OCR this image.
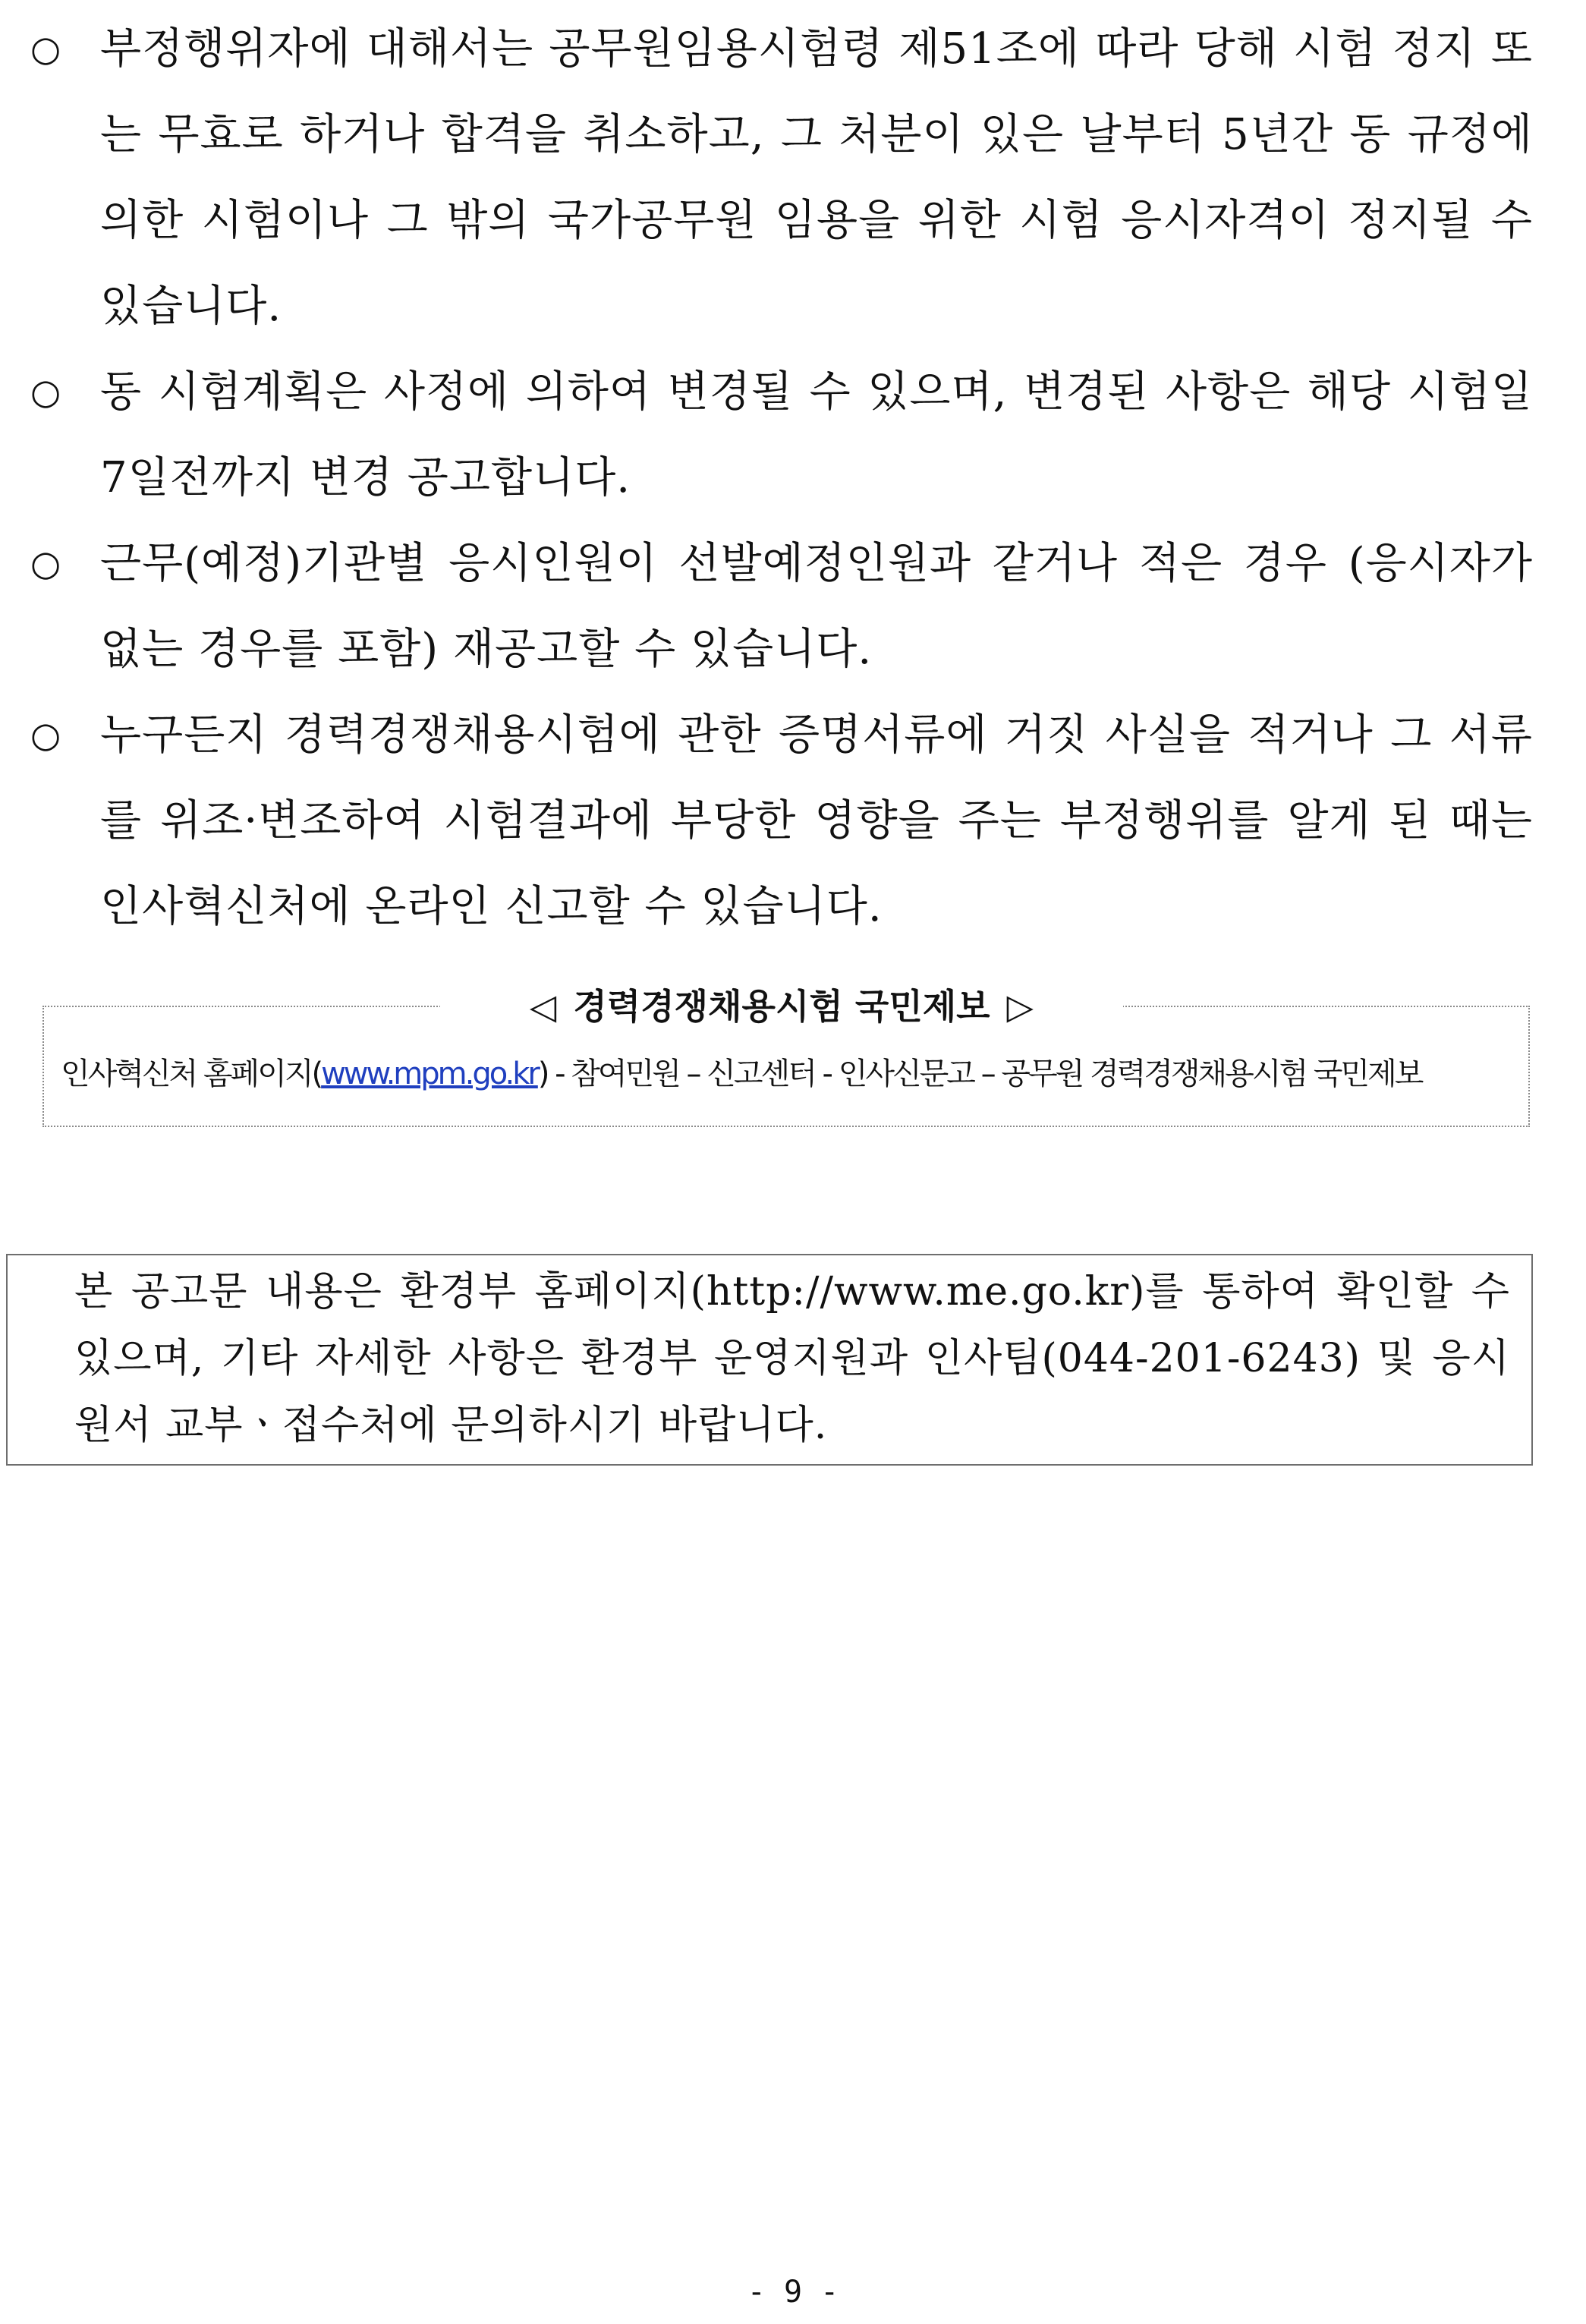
○ 부정행위자에 대해서는 공무원임용시험령 제51조에 따라 당해 시험 정지 또는 무효로 하거나 합격을 취소하고, 그 처분이 있은 날부터 5년간 동 규정에 의한 시험이나 그 밖의 국가공무원 임용을 위한 시험 응시자격이 정지될 수 있습니다.
○ 동 시험계획은 사정에 의하여 변경될 수 있으며, 변경된 사항은 해당 시험일 7일전까지 변경 공고합니다.
○ 근무(예정)기관별 응시인원이 선발예정인원과 같거나 적은 경우 (응시자가 없는 경우를 포함) 재공고할 수 있습니다.
○ 누구든지 경력경쟁채용시험에 관한 증명서류에 거짓 사실을 적거나 그 서류를 위조·변조하여 시험결과에 부당한 영향을 주는 부정행위를 알게 된 때는 인사혁신처에 온라인 신고할 수 있습니다.
◁ 경력경쟁채용시험 국민제보 ▷
인사혁신처 홈페이지(www.mpm.go.kr) - 참여민원 – 신고센터 - 인사신문고 – 공무원 경력경쟁채용시험 국민제보
본 공고문 내용은 환경부 홈페이지(http://www.me.go.kr)를 통하여 확인할 수 있으며, 기타 자세한 사항은 환경부 운영지원과 인사팀(044-201-6243) 및 응시원서 교부ㆍ접수처에 문의하시기 바랍니다.
- 9 -
